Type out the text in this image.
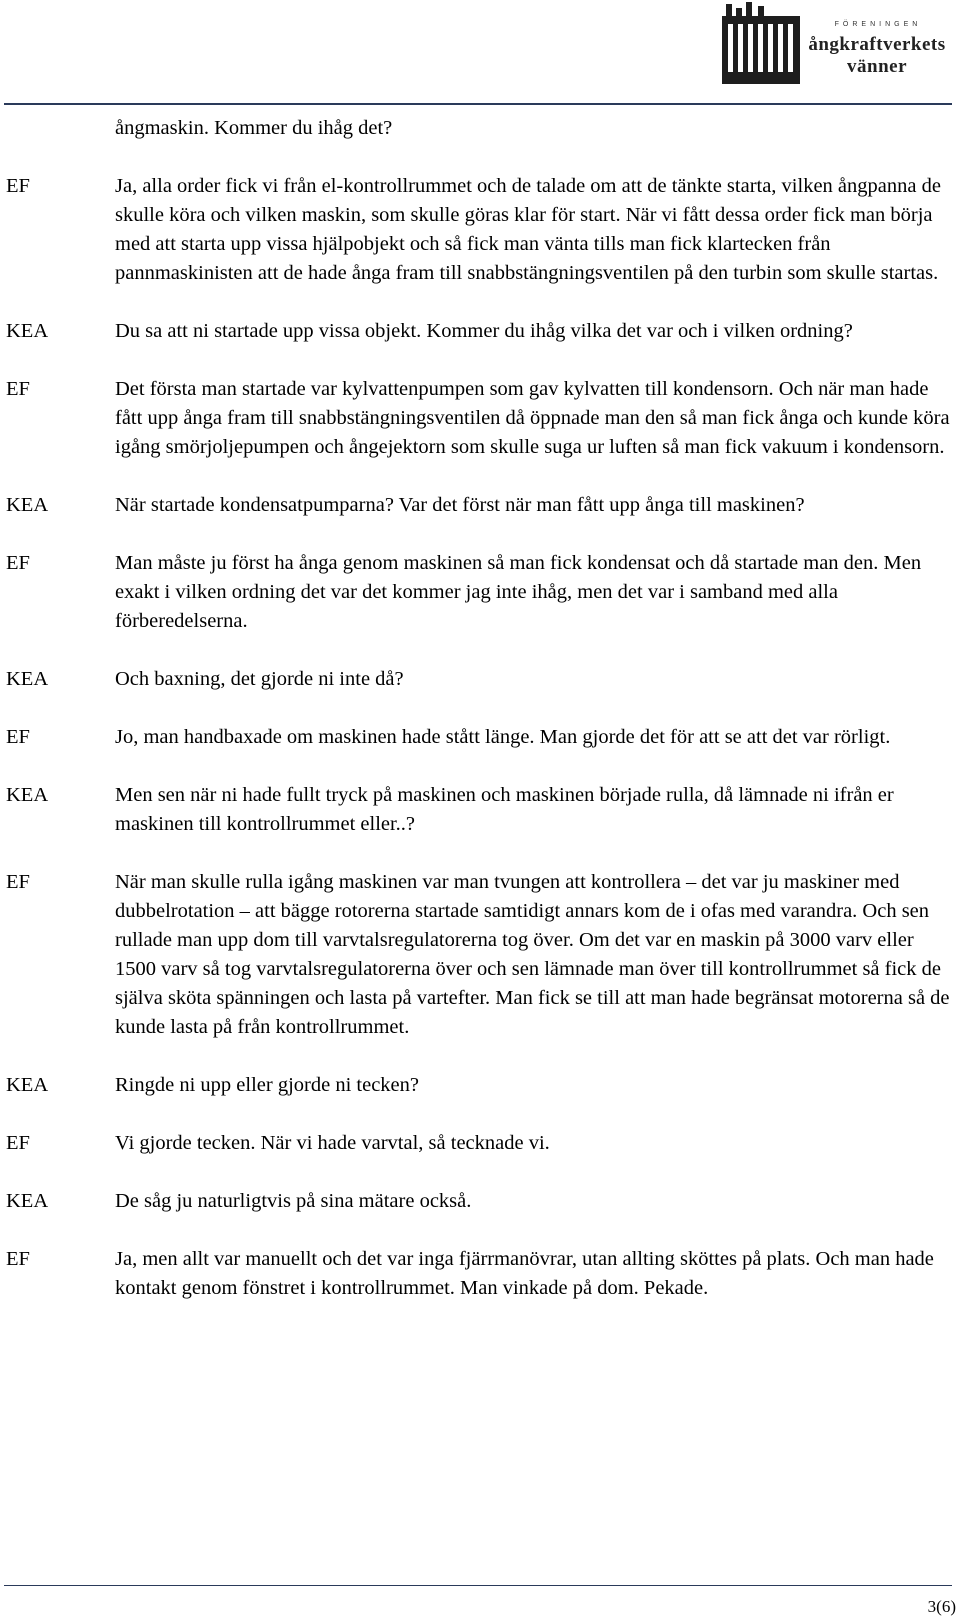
FÖRENINGEN
ångkraftverkets
vänner
ångmaskin. Kommer du ihåg det?
EF	Ja, alla order fick vi från el-kontrollrummet och de talade om att de tänkte starta, vilken ångpanna de skulle köra och vilken maskin, som skulle göras klar för start. När vi fått dessa order fick man börja med att starta upp vissa hjälpobjekt och så fick man vänta tills man fick klartecken från pannmaskinisten att de hade ånga fram till snabbstängningsventilen på den turbin som skulle startas.
KEA	Du sa att ni startade upp vissa objekt. Kommer du ihåg vilka det var och i vilken ordning?
EF	Det första man startade var kylvattenpumpen som gav kylvatten till kondensorn. Och när man hade fått upp ånga fram till snabbstängningsventilen då öppnade man den så man fick ånga och kunde köra igång smörjoljepumpen och ångejektorn som skulle suga ur luften så man fick vakuum i kondensorn.
KEA	När startade kondensatpumparna? Var det först när man fått upp ånga till maskinen?
EF	Man måste ju först ha ånga genom maskinen så man fick kondensat och då startade man den. Men exakt i vilken ordning det var det kommer jag inte ihåg, men det var i samband med alla förberedelserna.
KEA	Och baxning, det gjorde ni inte då?
EF	Jo, man handbaxade om maskinen hade stått länge. Man gjorde det för att se att det var rörligt.
KEA	Men sen när ni hade fullt tryck på maskinen och maskinen började rulla, då lämnade ni ifrån er maskinen till kontrollrummet eller..?
EF	När man skulle rulla igång maskinen var man tvungen att kontrollera – det var ju maskiner med dubbelrotation – att bägge rotorerna startade samtidigt annars kom de i ofas med varandra. Och sen rullade man upp dom till varvtalsregulatorerna tog över. Om det var en maskin på 3000 varv eller 1500 varv så tog varvtalsregulatorerna över och sen lämnade man över till kontrollrummet så fick de själva sköta spänningen och lasta på vartefter. Man fick se till att man hade begränsat motorerna så de kunde lasta på från kontrollrummet.
KEA	Ringde ni upp eller gjorde ni tecken?
EF	Vi gjorde tecken. När vi hade varvtal, så tecknade vi.
KEA	De såg ju naturligtvis på sina mätare också.
EF	Ja, men allt var manuellt och det var inga fjärrmanövrar, utan allting sköttes på plats. Och man hade kontakt genom fönstret i kontrollrummet. Man vinkade på dom. Pekade.
3(6)
